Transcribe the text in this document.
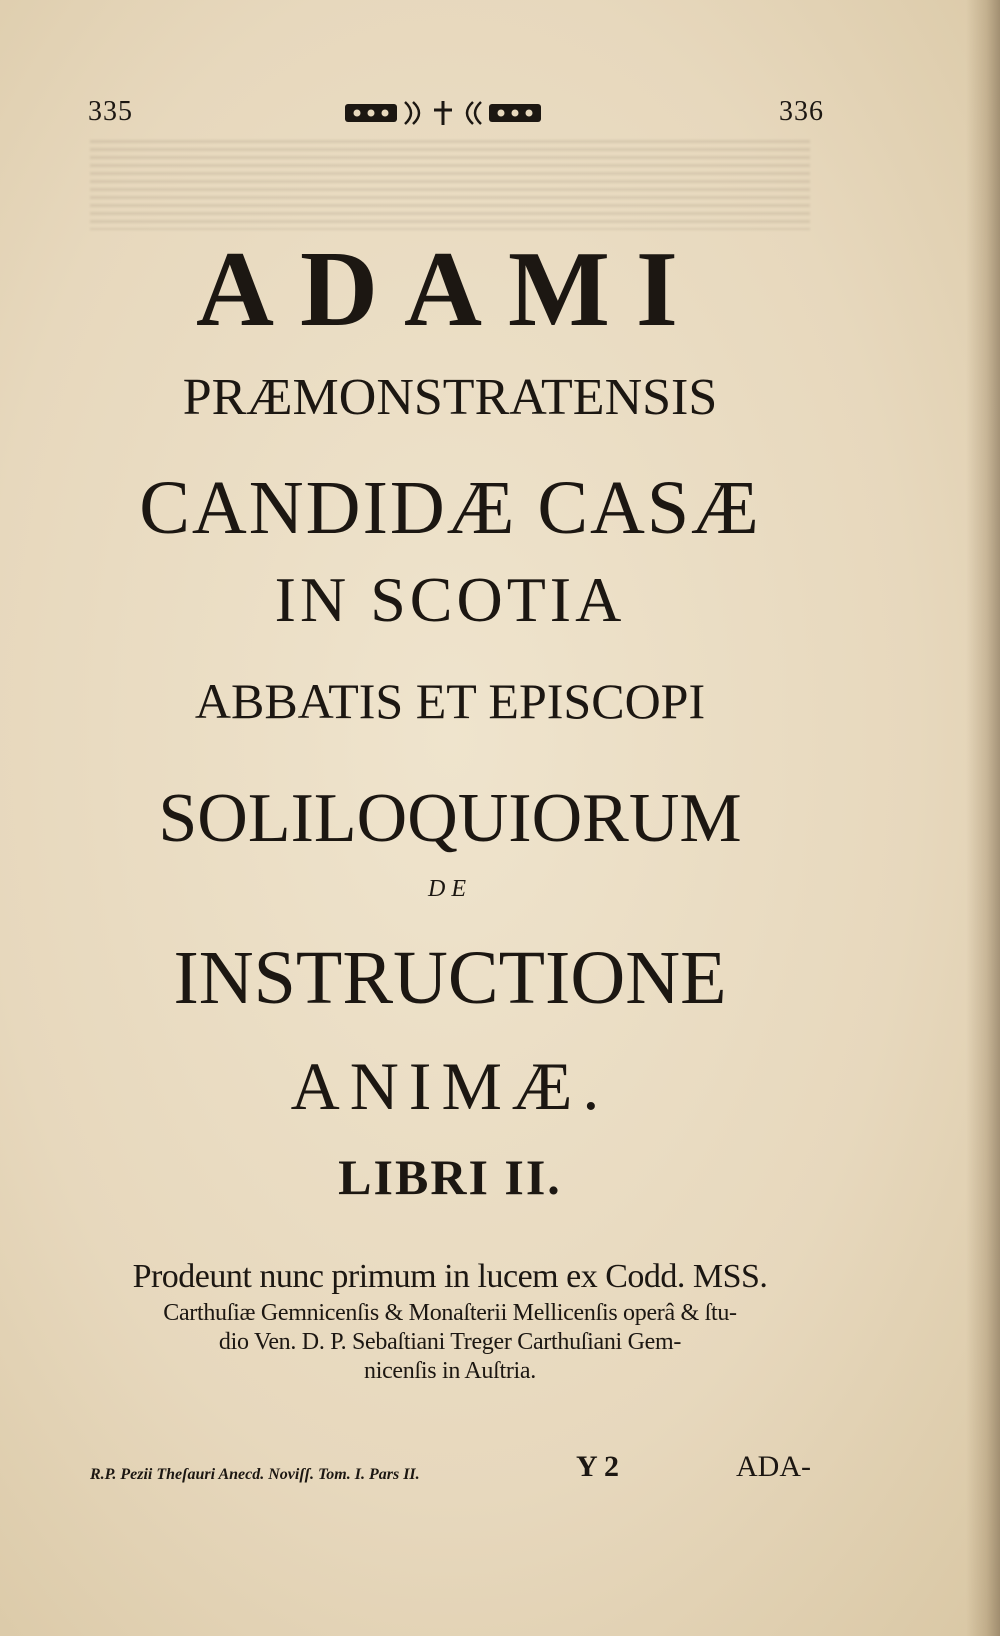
335	336
ADAMI
PRÆMONSTRATENSIS
CANDIDÆ CASÆ
IN SCOTIA
ABBATIS ET EPISCOPI
SOLILOQUIORUM
DE
INSTRUCTIONE
ANIMÆ.
LIBRI II.
Prodeunt nunc primum in lucem ex Codd. MSS.
Carthuſiæ Gemnicenſis & Monaſterii Mellicenſis operâ & ſtu-
dio Ven. D. P. Sebaſtiani Treger Carthuſiani Gem-
nicenſis in Auſtria.
R.P. Pezii Theſauri Anecd. Noviſſ. Tom. I. Pars II.	Y 2	ADA-
